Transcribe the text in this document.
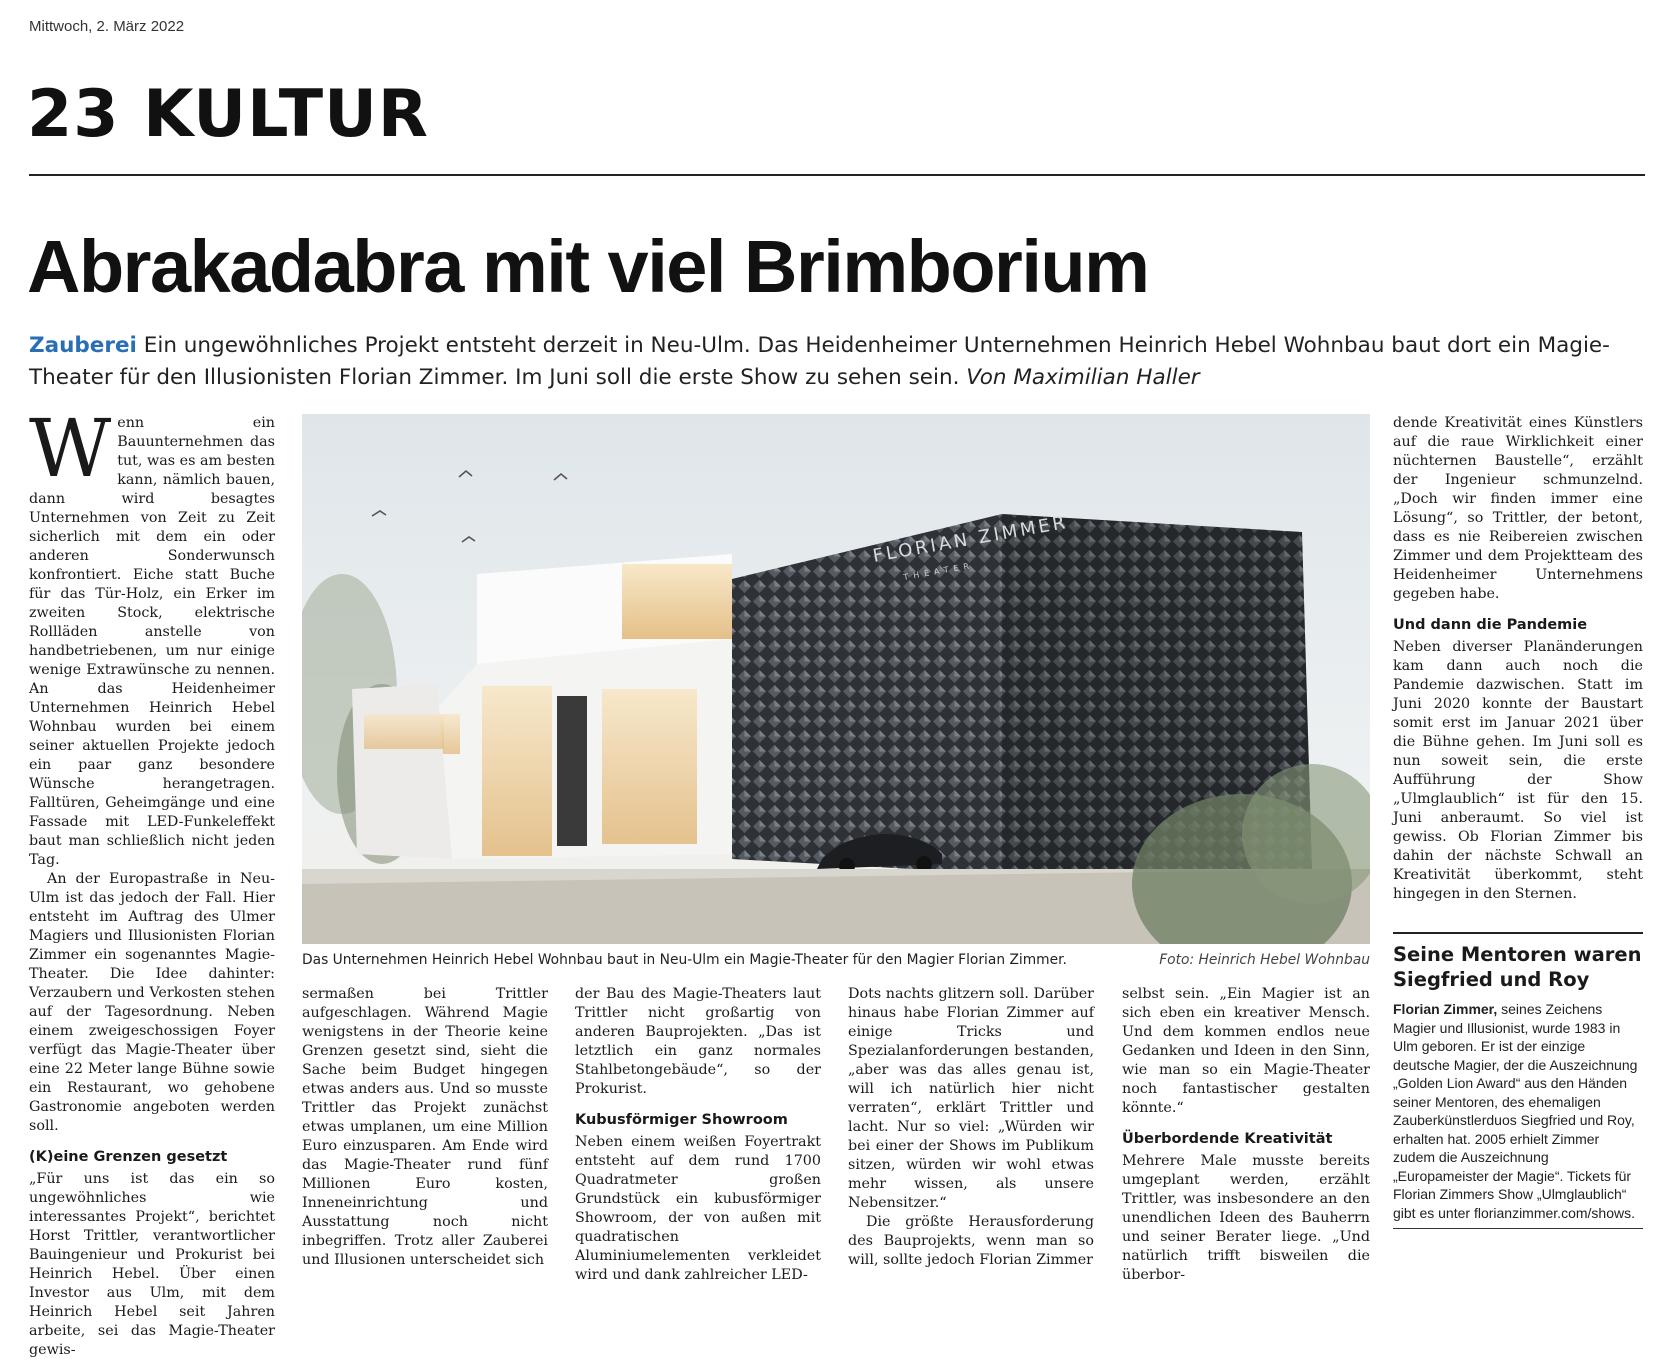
Mittwoch, 2. März 2022
23 KULTUR
Abrakadabra mit viel Brimborium
Zauberei Ein ungewöhnliches Projekt entsteht derzeit in Neu-Ulm. Das Heidenheimer Unternehmen Heinrich Hebel Wohnbau baut dort ein Magie-Theater für den Illusionisten Florian Zimmer. Im Juni soll die erste Show zu sehen sein. Von Maximilian Haller

Wenn ein Bauunternehmen das tut, was es am besten kann, nämlich bauen, dann wird besagtes Unternehmen von Zeit zu Zeit sicherlich mit dem ein oder anderen Sonderwunsch konfrontiert. Eiche statt Buche für das Tür-Holz, ein Erker im zweiten Stock, elektrische Rollläden anstelle von handbetriebenen, um nur einige wenige Extrawünsche zu nennen. An das Heidenheimer Unternehmen Heinrich Hebel Wohnbau wurden bei einem seiner aktuellen Projekte jedoch ein paar ganz besondere Wünsche herangetragen. Falltüren, Geheimgänge und eine Fassade mit LED-Funkeleffekt baut man schließlich nicht jeden Tag.

An der Europastraße in Neu-Ulm ist das jedoch der Fall. Hier entsteht im Auftrag des Ulmer Magiers und Illusionisten Florian Zimmer ein sogenanntes Magie-Theater. Die Idee dahinter: Verzaubern und Verkosten stehen auf der Tagesordnung. Neben einem zweigeschossigen Foyer verfügt das Magie-Theater über eine 22 Meter lange Bühne sowie ein Restaurant, wo gehobene Gastronomie angeboten werden soll.

(K)eine Grenzen gesetzt

„Für uns ist das ein so ungewöhnliches wie interessantes Projekt“, berichtet Horst Trittler, verantwortlicher Bauingenieur und Prokurist bei Heinrich Hebel. Über einen Investor aus Ulm, mit dem Heinrich Hebel seit Jahren arbeite, sei das Magie-Theater gewis-

FLORIAN ZIMMER
THEATER
Das Unternehmen Heinrich Hebel Wohnbau baut in Neu-Ulm ein Magie-Theater für den Magier Florian Zimmer.	Foto: Heinrich Hebel Wohnbau

sermaßen bei Trittler aufgeschlagen. Während Magie wenigstens in der Theorie keine Grenzen gesetzt sind, sieht die Sache beim Budget hingegen etwas anders aus. Und so musste Trittler das Projekt zunächst etwas umplanen, um eine Million Euro einzusparen. Am Ende wird das Magie-Theater rund fünf Millionen Euro kosten, Inneneinrichtung und Ausstattung noch nicht inbegriffen. Trotz aller Zauberei und Illusionen unterscheidet sich

der Bau des Magie-Theaters laut Trittler nicht großartig von anderen Bauprojekten. „Das ist letztlich ein ganz normales Stahlbetongebäude“, so der Prokurist.

Kubusförmiger Showroom

Neben einem weißen Foyertrakt entsteht auf dem rund 1700 Quadratmeter großen Grundstück ein kubusförmiger Showroom, der von außen mit quadratischen Aluminiumelementen verkleidet wird und dank zahlreicher LED-

Dots nachts glitzern soll. Darüber hinaus habe Florian Zimmer auf einige Tricks und Spezialanforderungen bestanden, „aber was das alles genau ist, will ich natürlich hier nicht verraten“, erklärt Trittler und lacht. Nur so viel: „Würden wir bei einer der Shows im Publikum sitzen, würden wir wohl etwas mehr wissen, als unsere Nebensitzer.“

Die größte Herausforderung des Bauprojekts, wenn man so will, sollte jedoch Florian Zimmer

selbst sein. „Ein Magier ist an sich eben ein kreativer Mensch. Und dem kommen endlos neue Gedanken und Ideen in den Sinn, wie man so ein Magie-Theater noch fantastischer gestalten könnte.“

Überbordende Kreativität

Mehrere Male musste bereits umgeplant werden, erzählt Trittler, was insbesondere an den unendlichen Ideen des Bauherrn und seiner Berater liege. „Und natürlich trifft bisweilen die überbor-

dende Kreativität eines Künstlers auf die raue Wirklichkeit einer nüchternen Baustelle“, erzählt der Ingenieur schmunzelnd. „Doch wir finden immer eine Lösung“, so Trittler, der betont, dass es nie Reibereien zwischen Zimmer und dem Projektteam des Heidenheimer Unternehmens gegeben habe.

Und dann die Pandemie

Neben diverser Planänderungen kam dann auch noch die Pandemie dazwischen. Statt im Juni 2020 konnte der Baustart somit erst im Januar 2021 über die Bühne gehen. Im Juni soll es nun soweit sein, die erste Aufführung der Show „Ulmglaublich“ ist für den 15. Juni anberaumt. So viel ist gewiss. Ob Florian Zimmer bis dahin der nächste Schwall an Kreativität überkommt, steht hingegen in den Sternen.

Seine Mentoren waren Siegfried und Roy

Florian Zimmer, seines Zeichens Magier und Illusionist, wurde 1983 in Ulm geboren. Er ist der einzige deutsche Magier, der die Auszeichnung „Golden Lion Award“ aus den Händen seiner Mentoren, des ehemaligen Zauberkünstlerduos Siegfried und Roy, erhalten hat. 2005 erhielt Zimmer zudem die Auszeichnung „Europameister der Magie“. Tickets für Florian Zimmers Show „Ulmglaublich“ gibt es unter florianzimmer.com/shows.
